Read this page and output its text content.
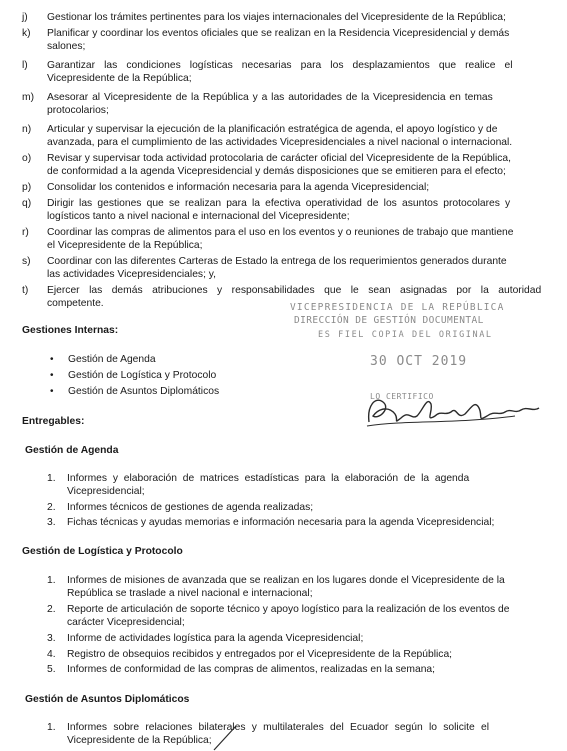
j) Gestionar los trámites pertinentes para los viajes internacionales del Vicepresidente de la República;
k) Planificar y coordinar los eventos oficiales que se realizan en la Residencia Vicepresidencial y demás
salones;
l) Garantizar las condiciones logísticas necesarias para los desplazamientos que realice el
Vicepresidente de la República;
m) Asesorar al Vicepresidente de la República y a las autoridades de la Vicepresidencia en temas
protocolarios;
n) Articular y supervisar la ejecución de la planificación estratégica de agenda, el apoyo logístico y de
avanzada, para el cumplimiento de las actividades Vicepresidenciales a nivel nacional o internacional.
o) Revisar y supervisar toda actividad protocolaria de carácter oficial del Vicepresidente de la República,
de conformidad a la agenda Vicepresidencial y demás disposiciones que se emitieren para el efecto;
p) Consolidar los contenidos e información necesaria para la agenda Vicepresidencial;
q) Dirigir las gestiones que se realizan para la efectiva operatividad de los asuntos protocolares y
logísticos tanto a nivel nacional e internacional del Vicepresidente;
r) Coordinar las compras de alimentos para el uso en los eventos y o reuniones de trabajo que mantiene
el Vicepresidente de la República;
s) Coordinar con las diferentes Carteras de Estado la entrega de los requerimientos generados durante
las actividades Vicepresidenciales; y,
t) Ejercer las demás atribuciones y responsabilidades que le sean asignadas por la autoridad
competente.
Gestiones Internas:
• Gestión de Agenda
• Gestión de Logística y Protocolo
• Gestión de Asuntos Diplomáticos
Entregables:
Gestión de Agenda
1. Informes y elaboración de matrices estadísticas para la elaboración de la agenda
Vicepresidencial;
2. Informes técnicos de gestiones de agenda realizadas;
3. Fichas técnicas y ayudas memorias e información necesaria para la agenda Vicepresidencial;
Gestión de Logística y Protocolo
1. Informes de misiones de avanzada que se realizan en los lugares donde el Vicepresidente de la
República se traslade a nivel nacional e internacional;
2. Reporte de articulación de soporte técnico y apoyo logístico para la realización de los eventos de
carácter Vicepresidencial;
3. Informe de actividades logística para la agenda Vicepresidencial;
4. Registro de obsequios recibidos y entregados por el Vicepresidente de la República;
5. Informes de conformidad de las compras de alimentos, realizadas en la semana;
Gestión de Asuntos Diplomáticos
1. Informes sobre relaciones bilaterales y multilaterales del Ecuador según lo solicite el
Vicepresidente de la República;
VICEPRESIDENCIA DE LA REPÚBLICA
DIRECCIÓN DE GESTIÓN DOCUMENTAL
ES FIEL COPIA DEL ORIGINAL
30 OCT 2019
LO CERTIFICO
